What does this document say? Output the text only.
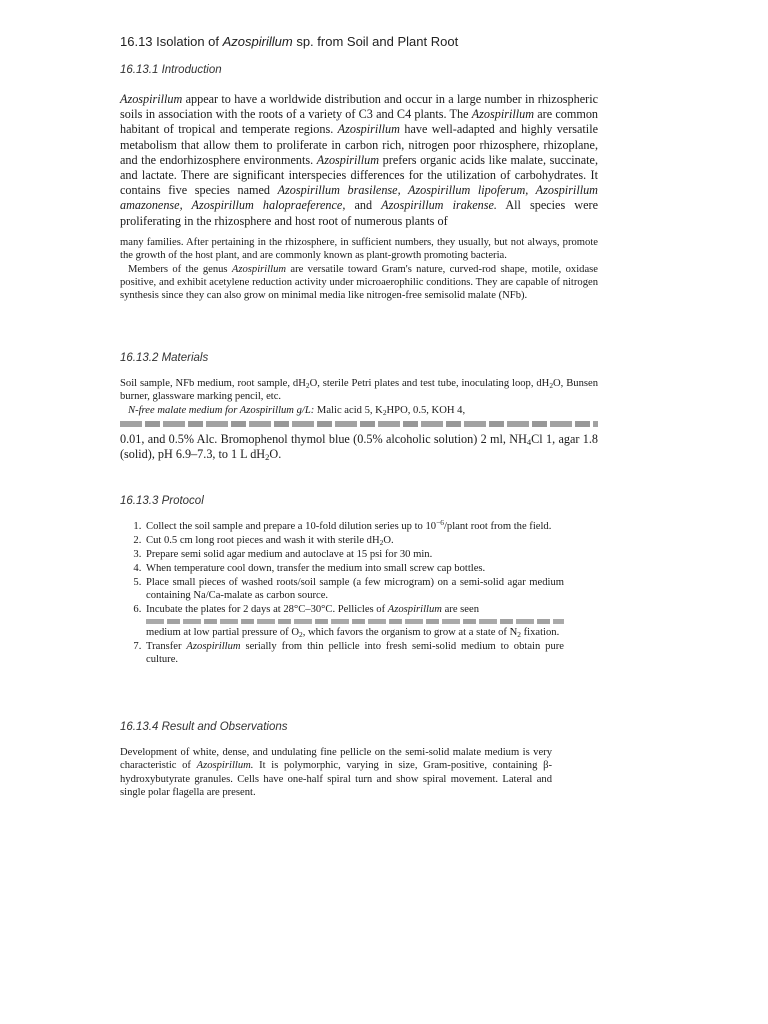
16.13 Isolation of Azospirillum sp. from Soil and Plant Root

16.13.1 Introduction

Azospirillum appear to have a worldwide distribution and occur in a large number in rhizospheric soils in association with the roots of a variety of C3 and C4 plants. The Azospirillum are common habitant of tropical and temperate regions. Azospirillum have well-adapted and highly versatile metabolism that allow them to proliferate in carbon rich, nitrogen poor rhizosphere, rhizoplane, and the endorhizosphere environments. Azospirillum prefers organic acids like malate, succinate, and lactate. There are significant interspecies differences for the utilization of carbohydrates. It contains five species named Azospirillum brasilense, Azospirillum lipoferum, Azospirillum amazonense, Azospirillum halopraeference, and Azospirillum irakense. All species were proliferating in the rhizosphere and host root of numerous plants of

many families. After pertaining in the rhizosphere, in sufficient numbers, they usually, but not always, promote the growth of the host plant, and are commonly known as plant-growth promoting bacteria.

Members of the genus Azospirillum are versatile toward Gram's nature, curved-rod shape, motile, oxidase positive, and exhibit acetylene reduction activity under microaerophilic conditions. They are capable of nitrogen synthesis since they can also grow on minimal media like nitrogen-free semisolid malate (NFb).

16.13.2 Materials

Soil sample, NFb medium, root sample, $dH_2O$, sterile Petri plates and test tube, inoculating loop, $dH_2O$, Bunsen burner, glassware marking pencil, etc.

N-free malate medium for Azospirillum g/L: Malic acid 5, $K_2HPO$, 0.5, KOH 4,

0.01, and 0.5% Alc. Bromophenol thymol blue (0.5% alcoholic solution) 2 ml, $NH_4Cl$ 1, agar 1.8 (solid), pH 6.9–7.3, to 1 L $dH_2O$.

16.13.3 Protocol

1. Collect the soil sample and prepare a 10-fold dilution series up to $10^{-6}$/plant root from the field.
2. Cut 0.5 cm long root pieces and wash it with sterile $dH_2O$.
3. Prepare semi solid agar medium and autoclave at 15 psi for 30 min.
4. When temperature cool down, transfer the medium into small screw cap bottles.
5. Place small pieces of washed roots/soil sample (a few microgram) on a semi-solid agar medium containing Na/Ca-malate as carbon source.
6. Incubate the plates for 2 days at 28°C–30°C. Pellicles of Azospirillum are seen
medium at low partial pressure of $O_2$, which favors the organism to grow at a state of $N_2$ fixation.
7. Transfer Azospirillum serially from thin pellicle into fresh semi-solid medium to obtain pure culture.

16.13.4 Result and Observations

Development of white, dense, and undulating fine pellicle on the semi-solid malate medium is very characteristic of Azospirillum. It is polymorphic, varying in size, Gram-positive, containing β-hydroxybutyrate granules. Cells have one-half spiral turn and show spiral movement. Lateral and single polar flagella are present.
